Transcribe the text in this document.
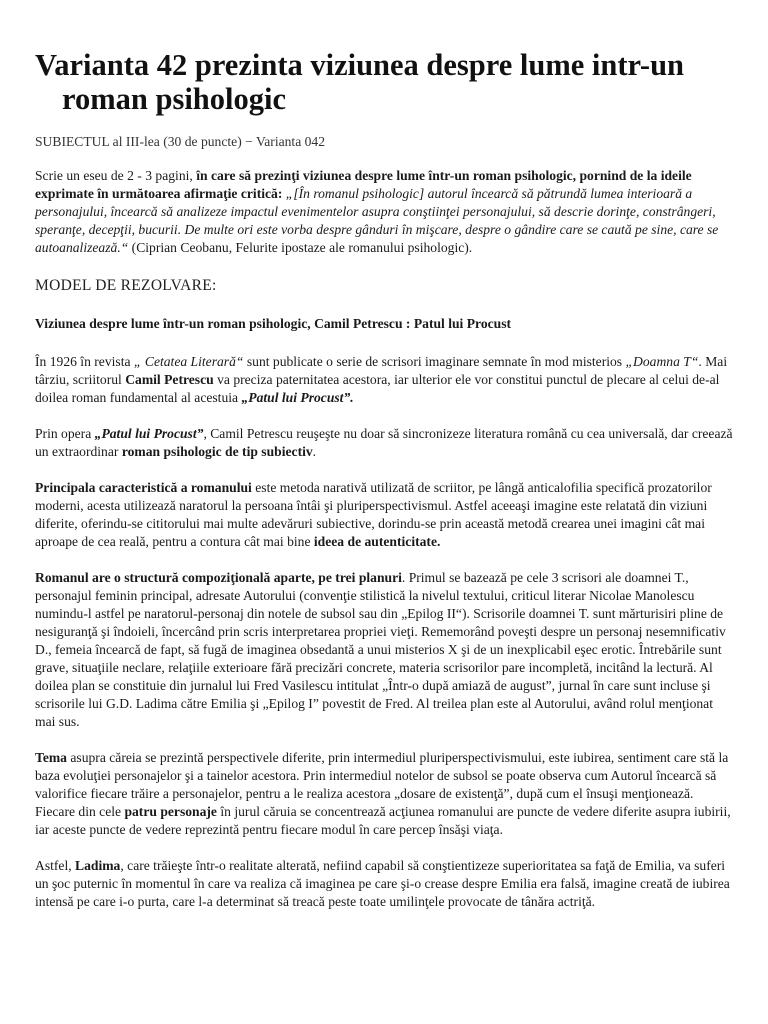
Varianta 42 prezinta viziunea despre lume intr-un roman psihologic

SUBIECTUL al III-lea (30 de puncte) − Varianta 042

Scrie un eseu de 2 - 3 pagini, în care să prezinţi viziunea despre lume într-un roman psihologic, pornind de la ideile exprimate în următoarea afirmaţie critică: „[În romanul psihologic] autorul încearcă să pătrundă lumea interioară a personajului, încearcă să analizeze impactul evenimentelor asupra conştiinţei personajului, să descrie dorinţe, constrângeri, speranţe, decepţii, bucurii. De multe ori este vorba despre gânduri în mişcare, despre o gândire care se caută pe sine, care se autoanalizează.“ (Ciprian Ceobanu, Felurite ipostaze ale romanului psihologic).

MODEL DE REZOLVARE:

Viziunea despre lume într-un roman psihologic, Camil Petrescu : Patul lui Procust

În 1926 în revista „ Cetatea Literară“ sunt publicate o serie de scrisori imaginare semnate în mod misterios „Doamna T“. Mai târziu, scriitorul Camil Petrescu va preciza paternitatea acestora, iar ulterior ele vor constitui punctul de plecare al celui de-al doilea roman fundamental al acestuia „Patul lui Procust”.

Prin opera „Patul lui Procust”, Camil Petrescu reuşeşte nu doar să sincronizeze literatura română cu cea universală, dar creează un extraordinar roman psihologic de tip subiectiv.

Principala caracteristică a romanului este metoda narativă utilizată de scriitor, pe lângă anticalofilia specifică prozatorilor moderni, acesta utilizează naratorul la persoana întâi şi pluriperspectivismul. Astfel aceeaşi imagine este relatată din viziuni diferite, oferindu-se cititorului mai multe adevăruri subiective, dorindu-se prin această metodă crearea unei imagini cât mai aproape de cea reală, pentru a contura cât mai bine ideea de autenticitate.

Romanul are o structură compoziţională aparte, pe trei planuri. Primul se bazează pe cele 3 scrisori ale doamnei T., personajul feminin principal, adresate Autorului (convenţie stilistică la nivelul textului, criticul literar Nicolae Manolescu numindu-l astfel pe naratorul-personaj din notele de subsol sau din „Epilog II“). Scrisorile doamnei T. sunt mărturisiri pline de nesiguranţă şi îndoieli, încercând prin scris interpretarea propriei vieţi. Rememorând poveşti despre un personaj nesemnificativ D., femeia încearcă de fapt, să fugă de imaginea obsedantă a unui misterios X şi de un inexplicabil eşec erotic. Întrebările sunt grave, situaţiile neclare, relaţiile exterioare fără precizări concrete, materia scrisorilor pare incompletă, incitând la lectură. Al doilea plan se constituie din jurnalul lui Fred Vasilescu intitulat „Într-o după amiază de august”, jurnal în care sunt incluse şi scrisorile lui G.D. Ladima către Emilia şi „Epilog I” povestit de Fred. Al treilea plan este al Autorului, având rolul menţionat mai sus.

Tema asupra căreia se prezintă perspectivele diferite, prin intermediul pluriperspectivismului, este iubirea, sentiment care stă la baza evoluţiei personajelor şi a tainelor acestora. Prin intermediul notelor de subsol se poate observa cum Autorul încearcă să valorifice fiecare trăire a personajelor, pentru a le realiza acestora „dosare de existenţă”, după cum el însuşi menţionează. Fiecare din cele patru personaje în jurul căruia se concentrează acţiunea romanului are puncte de vedere diferite asupra iubirii, iar aceste puncte de vedere reprezintă pentru fiecare modul în care percep însăşi viaţa.

Astfel, Ladima, care trăieşte într-o realitate alterată, nefiind capabil să conştientizeze superioritatea sa faţă de Emilia, va suferi un şoc puternic în momentul în care va realiza că imaginea pe care şi-o crease despre Emilia era falsă, imagine creată de iubirea intensă pe care i-o purta, care l-a determinat să treacă peste toate umilinţele provocate de tânăra actriţă.
